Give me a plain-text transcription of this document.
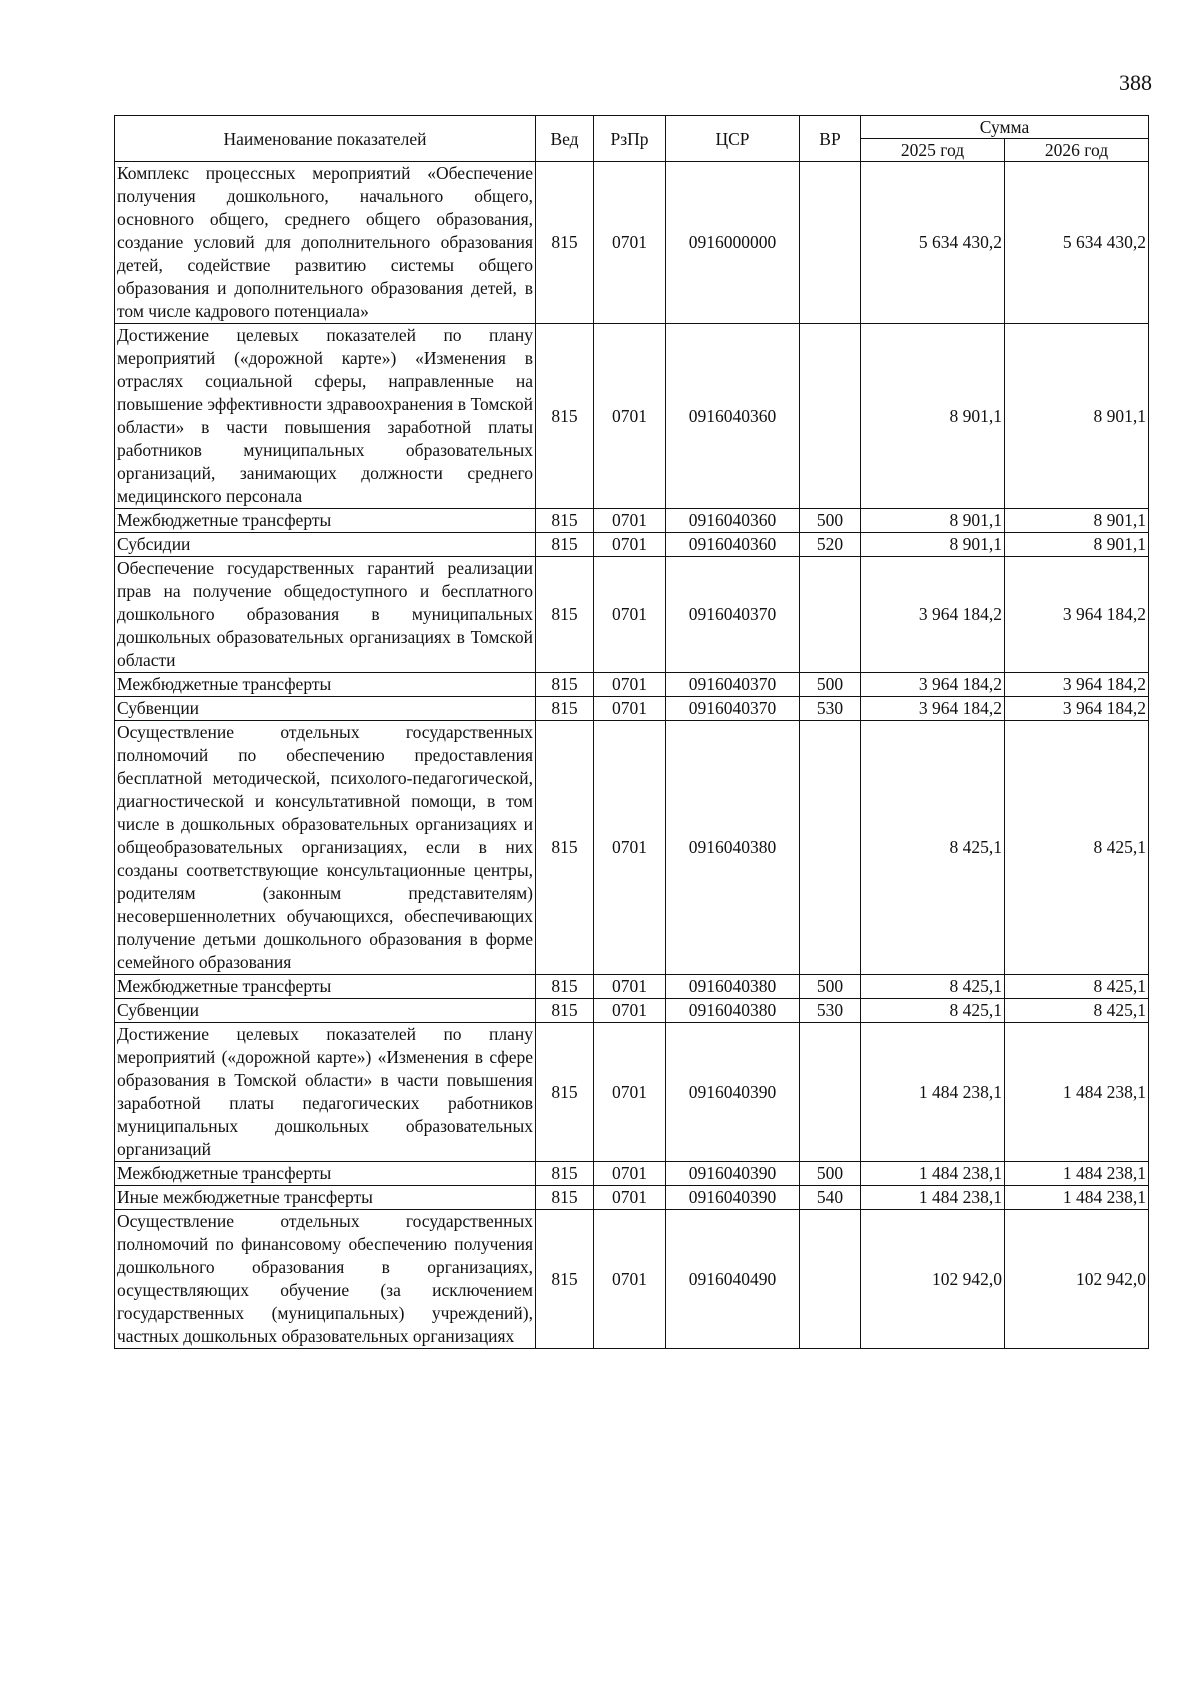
388
Наименование показателей	Вед	РзПр	ЦСР	ВР	Сумма	
					2025 год	2026 год
Комплекс процессных мероприятий «Обеспечение получения дошкольного, начального общего, основного общего, среднего общего образования, создание условий для дополнительного образования детей, содействие развитию системы общего образования и дополнительного образования детей, в том числе кадрового потенциала»	815	0701	0916000000		5 634 430,2	5 634 430,2
Достижение целевых показателей по плану мероприятий («дорожной карте») «Изменения в отраслях социальной сферы, направленные на повышение эффективности здравоохранения в Томской области» в части повышения заработной платы работников муниципальных образовательных организаций, занимающих должности среднего медицинского персонала	815	0701	0916040360		8 901,1	8 901,1
Межбюджетные трансферты	815	0701	0916040360	500	8 901,1	8 901,1
Субсидии	815	0701	0916040360	520	8 901,1	8 901,1
Обеспечение государственных гарантий реализации прав на получение общедоступного и бесплатного дошкольного образования в муниципальных дошкольных образовательных организациях в Томской области	815	0701	0916040370		3 964 184,2	3 964 184,2
Межбюджетные трансферты	815	0701	0916040370	500	3 964 184,2	3 964 184,2
Субвенции	815	0701	0916040370	530	3 964 184,2	3 964 184,2
Осуществление отдельных государственных полномочий по обеспечению предоставления бесплатной методической, психолого-педагогической, диагностической и консультативной помощи, в том числе в дошкольных образовательных организациях и общеобразовательных организациях, если в них созданы соответствующие консультационные центры, родителям (законным представителям) несовершеннолетних обучающихся, обеспечивающих получение детьми дошкольного образования в форме семейного образования	815	0701	0916040380		8 425,1	8 425,1
Межбюджетные трансферты	815	0701	0916040380	500	8 425,1	8 425,1
Субвенции	815	0701	0916040380	530	8 425,1	8 425,1
Достижение целевых показателей по плану мероприятий («дорожной карте») «Изменения в сфере образования в Томской области» в части повышения заработной платы педагогических работников муниципальных дошкольных образовательных организаций	815	0701	0916040390		1 484 238,1	1 484 238,1
Межбюджетные трансферты	815	0701	0916040390	500	1 484 238,1	1 484 238,1
Иные межбюджетные трансферты	815	0701	0916040390	540	1 484 238,1	1 484 238,1
Осуществление отдельных государственных полномочий по финансовому обеспечению получения дошкольного образования в организациях, осуществляющих обучение (за исключением государственных (муниципальных) учреждений), частных дошкольных образовательных организациях	815	0701	0916040490		102 942,0	102 942,0
